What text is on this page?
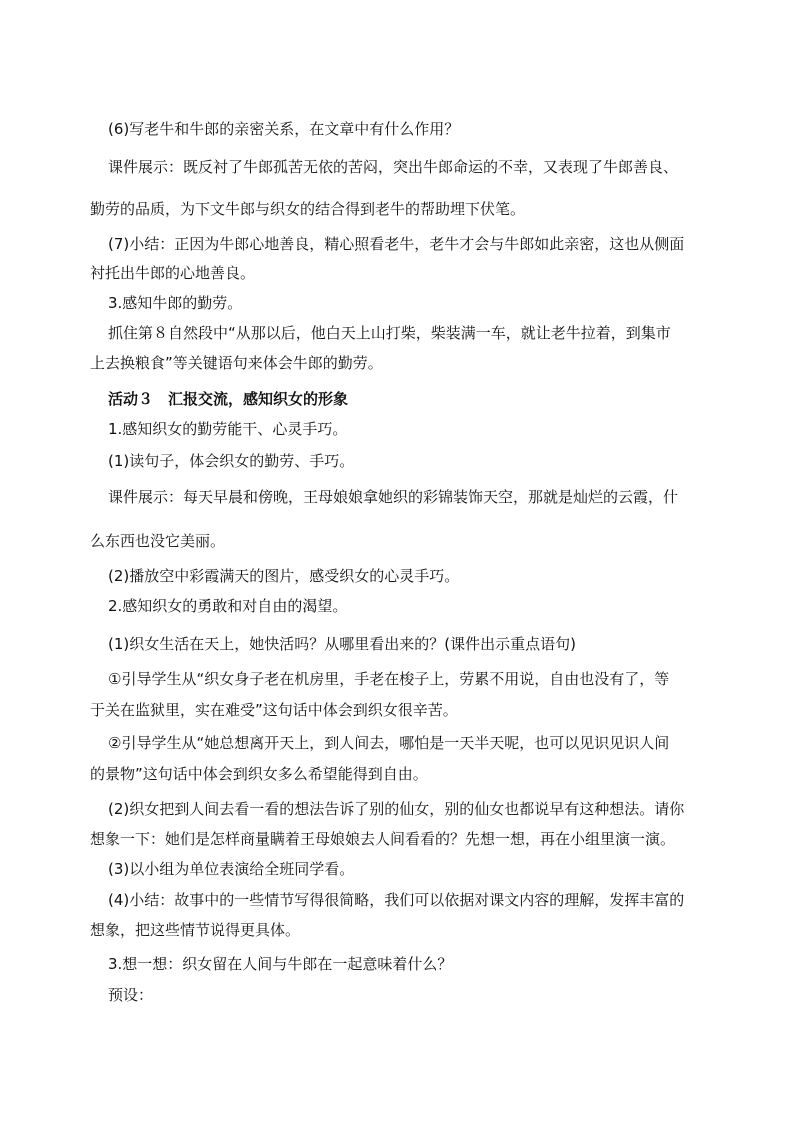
(6)写老牛和牛郎的亲密关系，在文章中有什么作用？
课件展示：既反衬了牛郎孤苦无依的苦闷，突出牛郎命运的不幸，又表现了牛郎善良、
勤劳的品质，为下文牛郎与织女的结合得到老牛的帮助埋下伏笔。
(7)小结：正因为牛郎心地善良，精心照看老牛，老牛才会与牛郎如此亲密，这也从侧面
衬托出牛郎的心地善良。
3.感知牛郎的勤劳。
抓住第８自然段中“从那以后，他白天上山打柴，柴装满一车，就让老牛拉着，到集市
上去换粮食”等关键语句来体会牛郎的勤劳。
活动３　汇报交流，感知织女的形象
1.感知织女的勤劳能干、心灵手巧。
(1)读句子，体会织女的勤劳、手巧。
课件展示：每天早晨和傍晚，王母娘娘拿她织的彩锦装饰天空，那就是灿烂的云霞，什
么东西也没它美丽。
(2)播放空中彩霞满天的图片，感受织女的心灵手巧。
2.感知织女的勇敢和对自由的渴望。
(1)织女生活在天上，她快活吗？从哪里看出来的？(课件出示重点语句)
①引导学生从“织女身子老在机房里，手老在梭子上，劳累不用说，自由也没有了，等
于关在监狱里，实在难受”这句话中体会到织女很辛苦。
②引导学生从“她总想离开天上，到人间去，哪怕是一天半天呢，也可以见识见识人间
的景物”这句话中体会到织女多么希望能得到自由。
(2)织女把到人间去看一看的想法告诉了别的仙女，别的仙女也都说早有这种想法。请你
想象一下：她们是怎样商量瞒着王母娘娘去人间看看的？先想一想，再在小组里演一演。
(3)以小组为单位表演给全班同学看。
(4)小结：故事中的一些情节写得很简略，我们可以依据对课文内容的理解，发挥丰富的
想象，把这些情节说得更具体。
3.想一想：织女留在人间与牛郎在一起意味着什么？
预设：
